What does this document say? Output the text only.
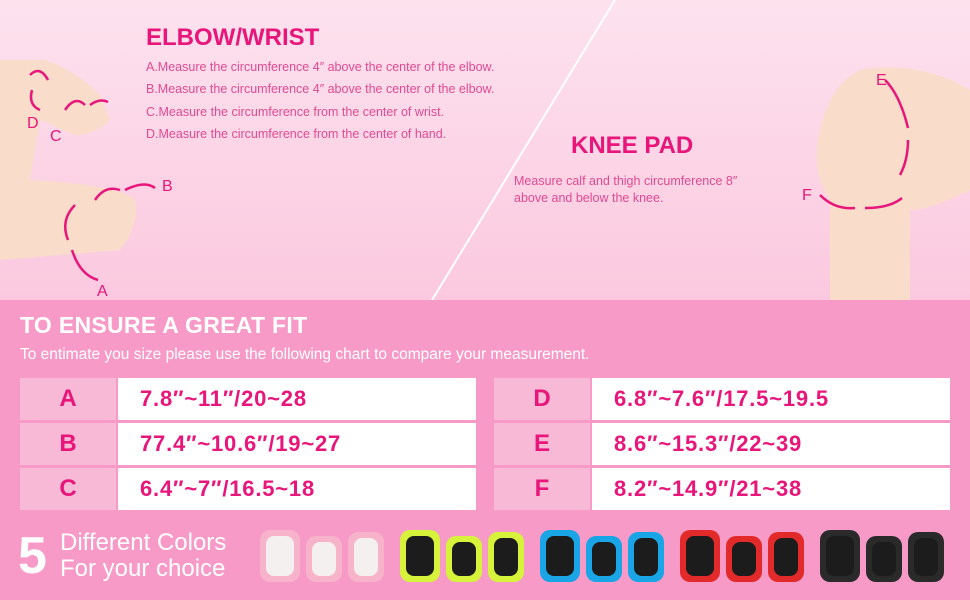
D
C
B
A
ELBOW/WRIST
A.Measure the circumference 4″ above the center of the elbow.
B.Measure the circumference 4″ above the center of the elbow.
C.Measure the circumference from the center of wrist.
D.Measure the circumference from the center of hand.	KNEE PAD
Measure calf and thigh circumference 8″ above and below the knee.
E
F
TO ENSURE A GREAT FIT
To entimate you size please use the following chart to compare your measurement.
A	7.8″~11″/20~28
B	77.4″~10.6″/19~27
C	6.4″~7″/16.5~18
D	6.8″~7.6″/17.5~19.5
E	8.6″~15.3″/22~39
F	8.2″~14.9″/21~38
5 Different Colors
For your choice
